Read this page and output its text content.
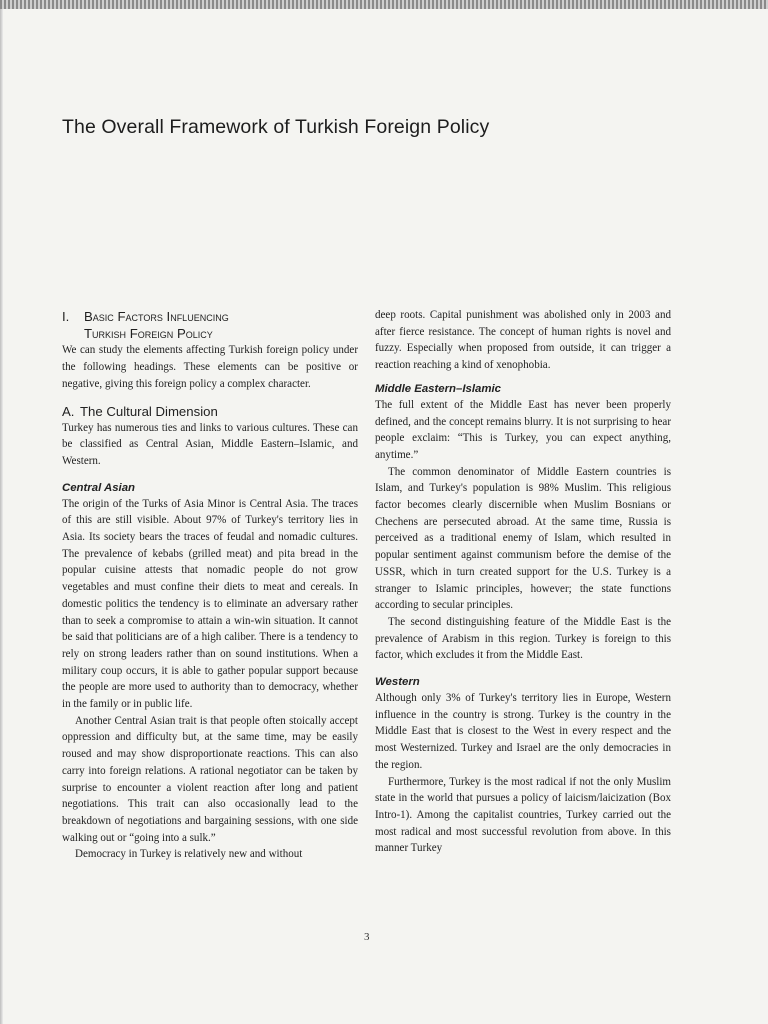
The Overall Framework of Turkish Foreign Policy
I. Basic Factors Influencing
Turkish Foreign Policy

We can study the elements affecting Turkish foreign policy under the following headings. These elements can be positive or negative, giving this foreign policy a complex character.

A. The Cultural Dimension

Turkey has numerous ties and links to various cultures. These can be classified as Central Asian, Middle Eastern–Islamic, and Western.

Central Asian

The origin of the Turks of Asia Minor is Central Asia. The traces of this are still visible. About 97% of Turkey's territory lies in Asia. Its society bears the traces of feudal and nomadic cultures. The prevalence of kebabs (grilled meat) and pita bread in the popular cuisine attests that nomadic people do not grow vegetables and must confine their diets to meat and cereals. In domestic politics the tendency is to eliminate an adversary rather than to seek a compromise to attain a win-win situation. It cannot be said that politicians are of a high caliber. There is a tendency to rely on strong leaders rather than on sound institutions. When a military coup occurs, it is able to gather popular support because the people are more used to authority than to democracy, whether in the family or in public life.

Another Central Asian trait is that people often stoically accept oppression and difficulty but, at the same time, may be easily roused and may show disproportionate reactions. This can also carry into foreign relations. A rational negotiator can be taken by surprise to encounter a violent reaction after long and patient negotiations. This trait can also occasionally lead to the breakdown of negotiations and bargaining sessions, with one side walking out or “going into a sulk.”

Democracy in Turkey is relatively new and without

deep roots. Capital punishment was abolished only in 2003 and after fierce resistance. The concept of human rights is novel and fuzzy. Especially when proposed from outside, it can trigger a reaction reaching a kind of xenophobia.

Middle Eastern–Islamic

The full extent of the Middle East has never been properly defined, and the concept remains blurry. It is not surprising to hear people exclaim: “This is Turkey, you can expect anything, anytime.”

The common denominator of Middle Eastern countries is Islam, and Turkey's population is 98% Muslim. This religious factor becomes clearly discernible when Muslim Bosnians or Chechens are persecuted abroad. At the same time, Russia is perceived as a traditional enemy of Islam, which resulted in popular sentiment against communism before the demise of the USSR, which in turn created support for the U.S. Turkey is a stranger to Islamic principles, however; the state functions according to secular principles.

The second distinguishing feature of the Middle East is the prevalence of Arabism in this region. Turkey is foreign to this factor, which excludes it from the Middle East.

Western

Although only 3% of Turkey's territory lies in Europe, Western influence in the country is strong. Turkey is the country in the Middle East that is closest to the West in every respect and the most Westernized. Turkey and Israel are the only democracies in the region.

Furthermore, Turkey is the most radical if not the only Muslim state in the world that pursues a policy of laicism/laicization (Box Intro-1). Among the capitalist countries, Turkey carried out the most radical and most successful revolution from above. In this manner Turkey

3
